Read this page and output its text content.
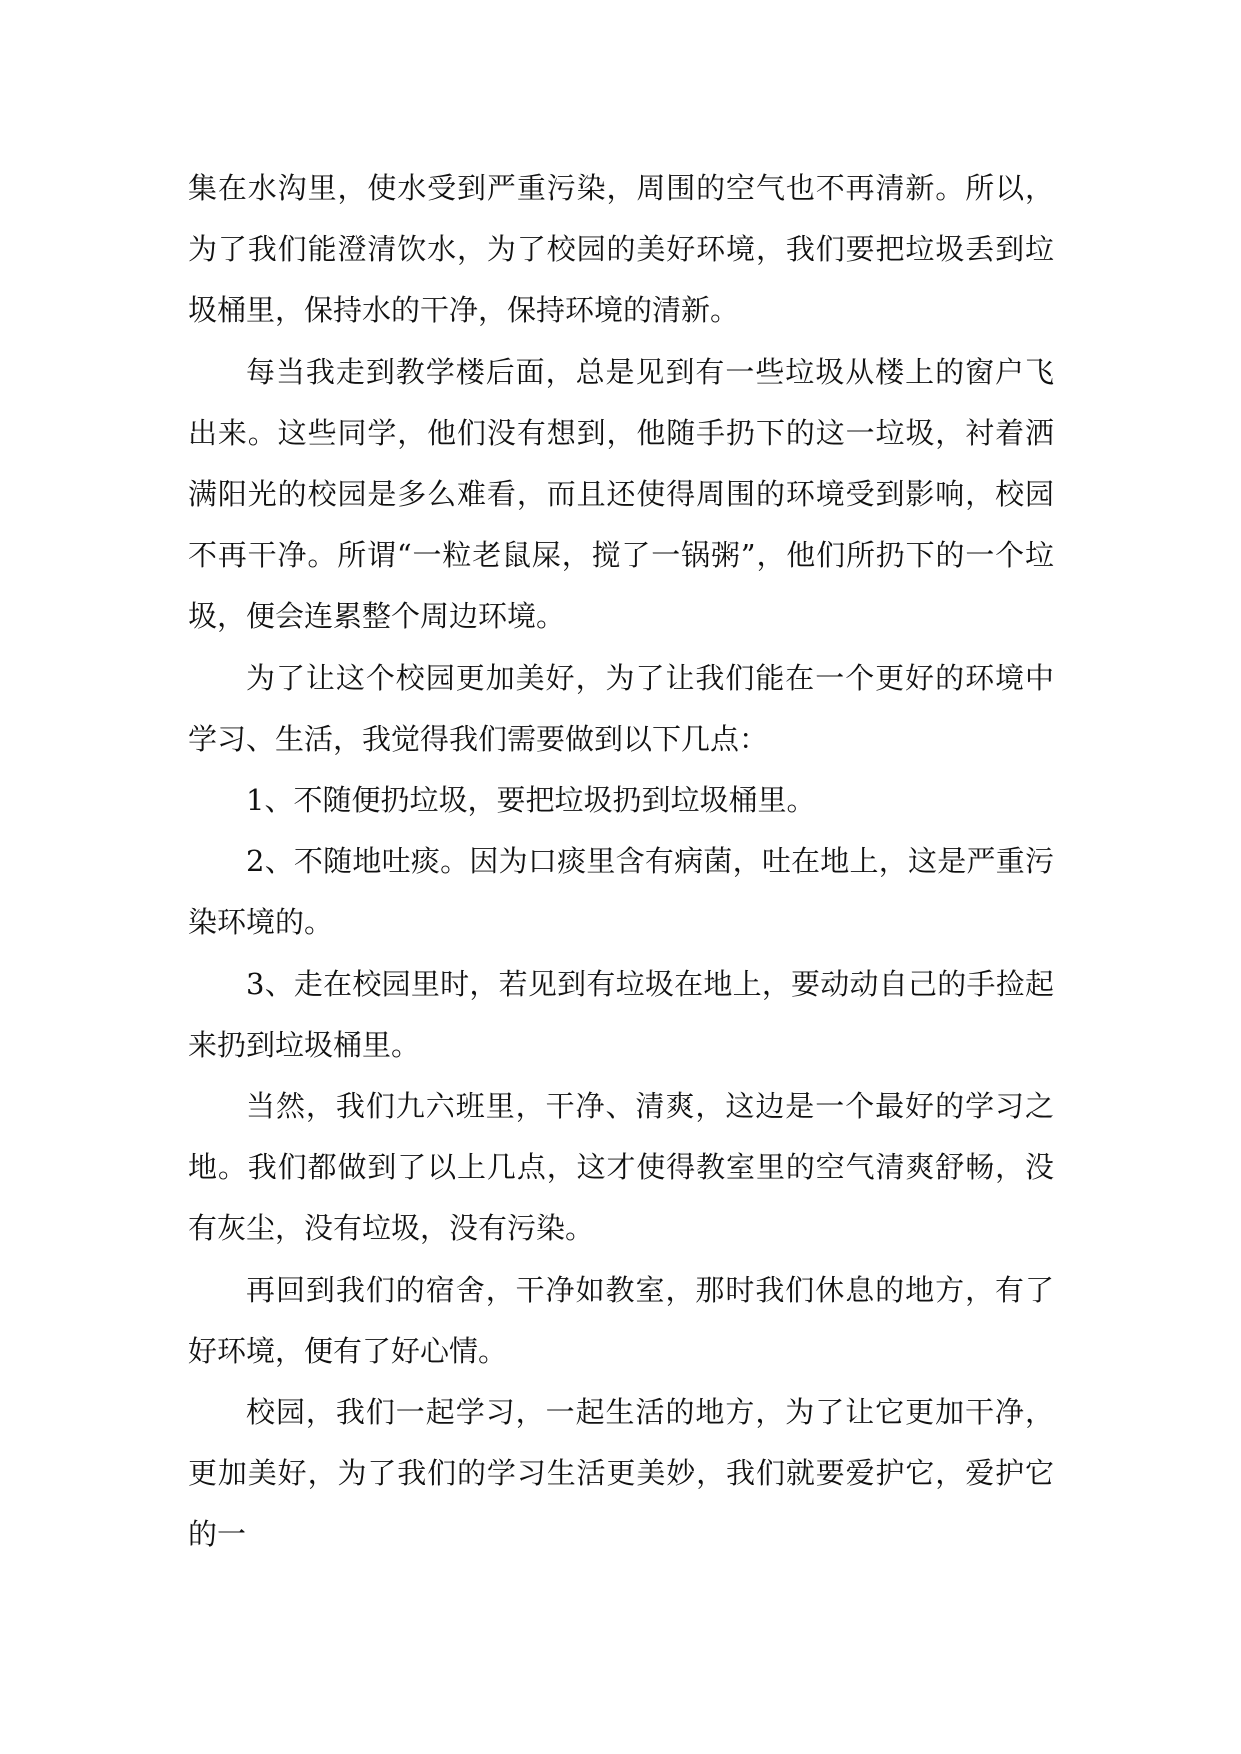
集在水沟里，使水受到严重污染，周围的空气也不再清新。所以，为了我们能澄清饮水，为了校园的美好环境，我们要把垃圾丢到垃圾桶里，保持水的干净，保持环境的清新。

每当我走到教学楼后面，总是见到有一些垃圾从楼上的窗户飞出来。这些同学，他们没有想到，他随手扔下的这一垃圾，衬着洒满阳光的校园是多么难看，而且还使得周围的环境受到影响，校园不再干净。所谓“一粒老鼠屎，搅了一锅粥”，他们所扔下的一个垃圾，便会连累整个周边环境。

为了让这个校园更加美好，为了让我们能在一个更好的环境中学习、生活，我觉得我们需要做到以下几点：

1、不随便扔垃圾，要把垃圾扔到垃圾桶里。

2、不随地吐痰。因为口痰里含有病菌，吐在地上，这是严重污染环境的。

3、走在校园里时，若见到有垃圾在地上，要动动自己的手捡起来扔到垃圾桶里。

当然，我们九六班里，干净、清爽，这边是一个最好的学习之地。我们都做到了以上几点，这才使得教室里的空气清爽舒畅，没有灰尘，没有垃圾，没有污染。

再回到我们的宿舍，干净如教室，那时我们休息的地方，有了好环境，便有了好心情。

校园，我们一起学习，一起生活的地方，为了让它更加干净，更加美好，为了我们的学习生活更美妙，我们就要爱护它，爱护它的一
